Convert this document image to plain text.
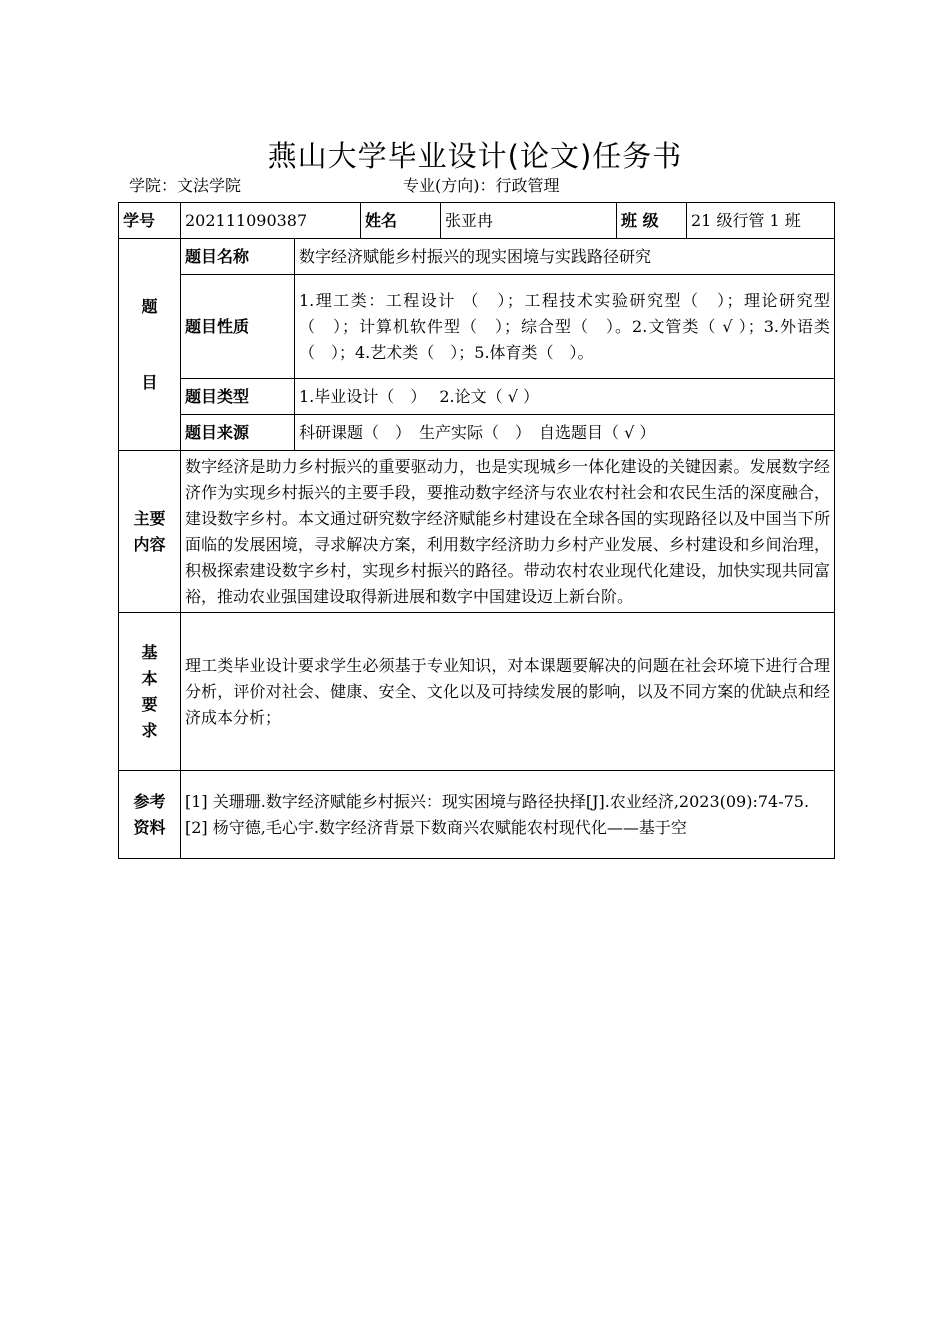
燕山大学毕业设计(论文)任务书
学院：文法学院	专业(方向)：行政管理
学号	202111090387		姓名	张亚冉	班 级	21 级行管 1 班

题
目	题目名称	数字经济赋能乡村振兴的现实困境与实践路径研究				
	题目性质	1.理工类：工程设计 （　）；工程技术实验研究型（　）；理论研究型（　）；计算机软件型（　）；综合型（　）。2.文管类（ √ ）；3.外语类（　）；4.艺术类（　）；5.体育类（　）。				
	题目类型	1.毕业设计（　）　 2.论文（ √ ）				
	题目来源	科研课题（　）　生产实际（　）　自选题目（ √ ）				
主要内容	数字经济是助力乡村振兴的重要驱动力，也是实现城乡一体化建设的关键因素。发展数字经济作为实现乡村振兴的主要手段，要推动数字经济与农业农村社会和农民生活的深度融合，建设数字乡村。本文通过研究数字经济赋能乡村建设在全球各国的实现路径以及中国当下所面临的发展困境，寻求解决方案，利用数字经济助力乡村产业发展、乡村建设和乡间治理，积极探索建设数字乡村，实现乡村振兴的路径。带动农村农业现代化建设，加快实现共同富裕，推动农业强国建设取得新进展和数字中国建设迈上新台阶。					
基本要求	理工类毕业设计要求学生必须基于专业知识，对本课题要解决的问题在社会环境下进行合理分析，评价对社会、健康、安全、文化以及可持续发展的影响，以及不同方案的优缺点和经济成本分析；					
参考资料	[1] 关珊珊.数字经济赋能乡村振兴：现实困境与路径抉择[J].农业经济,2023(09):74-75.
[2] 杨守德,毛心宇.数字经济背景下数商兴农赋能农村现代化——基于空					
